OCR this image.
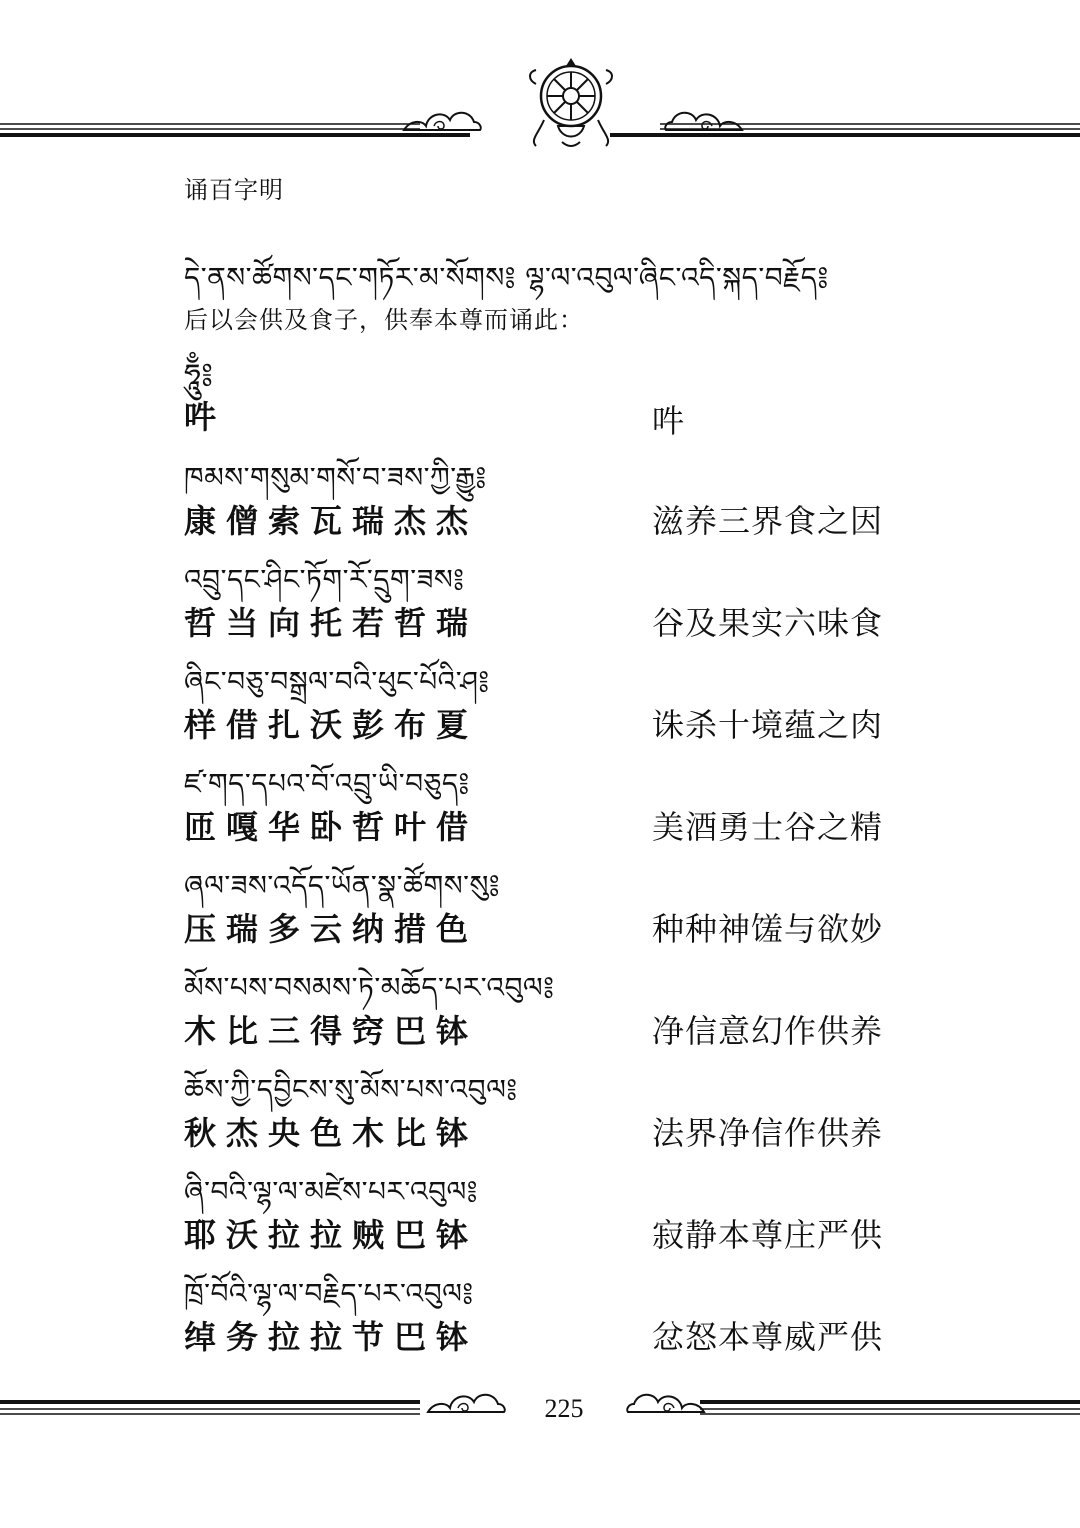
诵百字明
དེ་ནས་ཚོགས་དང་གཏོར་མ་སོགས༔ ལྷ་ལ་འབུལ་ཞིང་འདི་སྐད་བརྗོད༔
后以会供及食子，供奉本尊而诵此：
ཧཱུྃ༔
吽	吽
ཁམས་གསུམ་གསོ་བ་ཟས་ཀྱི་རྒྱུ༔
康僧索瓦瑞杰杰	滋养三界食之因
འབྲུ་དང་ཤིང་ཏོག་རོ་དྲུག་ཟས༔
哲当向托若哲瑞	谷及果实六味食
ཞིང་བཅུ་བསྒྲལ་བའི་ཕུང་པོའི་ཤ༔
样借扎沃彭布夏	诛杀十境蕴之肉
ཛ་གད་དཔའ་བོ་འབྲུ་ཡི་བཅུད༔
匝嘎华卧哲叶借	美酒勇士谷之精
ཞལ་ཟས་འདོད་ཡོན་སྣ་ཚོགས་སུ༔
压瑞多云纳措色	种种神馐与欲妙
མོས་པས་བསམས་ཏེ་མཆོད་པར་འབུལ༔
木比三得窍巴钵	净信意幻作供养
ཆོས་ཀྱི་དབྱིངས་སུ་མོས་པས་འབུལ༔
秋杰央色木比钵	法界净信作供养
ཞི་བའི་ལྷ་ལ་མཛེས་པར་འབུལ༔
耶沃拉拉贼巴钵	寂静本尊庄严供
ཁྲོ་བོའི་ལྷ་ལ་བརྗིད་པར་འབུལ༔
绰务拉拉节巴钵	忿怒本尊威严供
225
